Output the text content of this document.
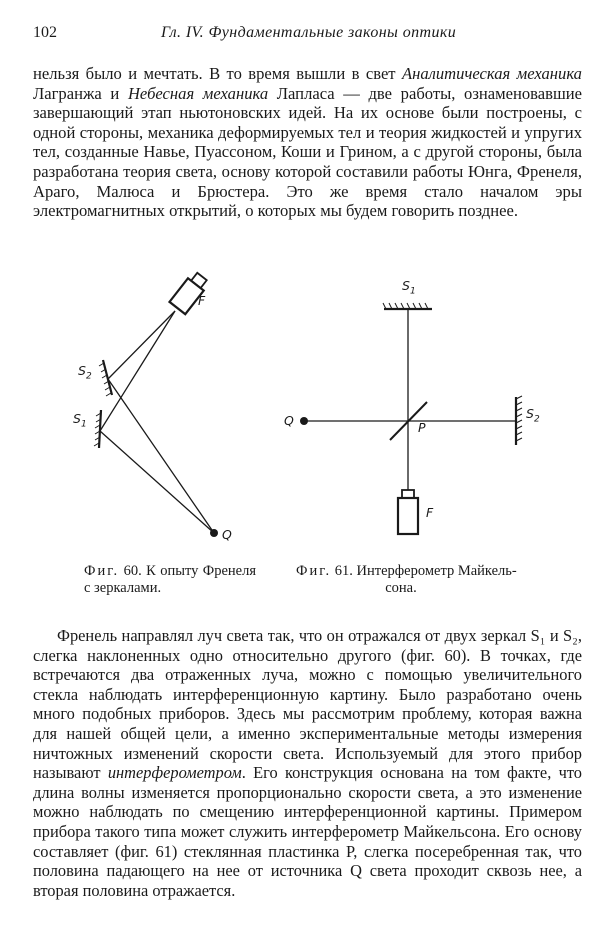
102	Гл. IV. Фундаментальные законы оптики

нельзя было и мечтать. В то время вышли в свет Аналитическая механика Лагранжа и Небесная механика Лапласа — две работы, ознаменовавшие завершающий этап ньютоновских идей. На их основе были построены, с одной стороны, механика деформируемых тел и теория жидкостей и упругих тел, созданные Навье, Пуассоном, Коши и Грином, а с другой стороны, была разработана теория света, основу которой составили работы Юнга, Френеля, Араго, Малюса и Брюстера. Это же время стало началом эры электромагнитных открытий, о которых мы будем говорить позднее.

F
$S_2$
$S_1$
Q
$S_1$
Q	P
$S_2$
F
Фиг. 60. К опыту Френеля с зеркалами.
Фиг. 61. Интерферометр Майкель-
сона.

Френель направлял луч света так, что он отражался от двух зеркал S₁ и S₂, слегка наклоненных одно относительно другого (фиг. 60). В точках, где встречаются два отраженных луча, можно с помощью увеличительного стекла наблюдать интерференционную картину. Было разработано очень много подобных приборов. Здесь мы рассмотрим проблему, которая важна для нашей общей цели, а именно экспериментальные методы измерения ничтожных изменений скорости света. Используемый для этого прибор называют интерферометром. Его конструкция основана на том факте, что длина волны изменяется пропорционально скорости света, а это изменение можно наблюдать по смещению интерференционной картины. Примером прибора такого типа может служить интерферометр Майкельсона. Его основу составляет (фиг. 61) стеклянная пластинка P, слегка посеребренная так, что половина падающего на нее от источника Q света проходит сквозь нее, а вторая половина отражается.
